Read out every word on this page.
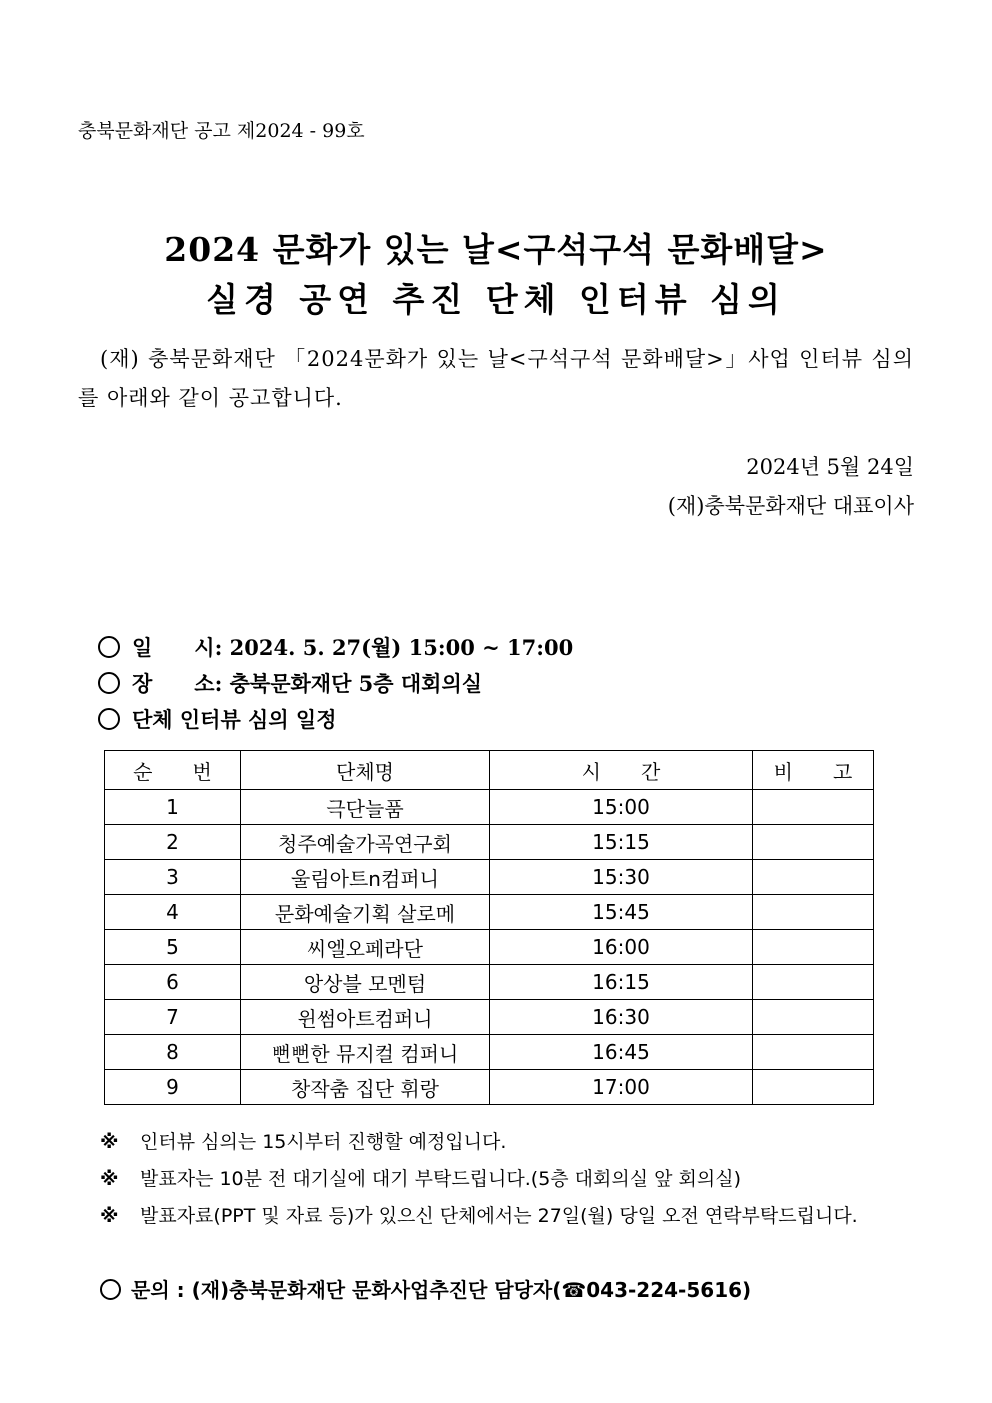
충북문화재단 공고 제2024 - 99호
2024 문화가 있는 날<구석구석 문화배달>
실경 공연 추진 단체 인터뷰 심의
(재) 충북문화재단 「2024문화가 있는 날<구석구석 문화배달>」사업 인터뷰 심의를 아래와 같이 공고합니다.
2024년 5월 24일
(재)충북문화재단 대표이사
일　　시: 2024. 5. 27(월) 15:00 ~ 17:00
장　　소: 충북문화재단 5층 대회의실
단체 인터뷰 심의 일정
순　　번	단체명	시　　간	비　　고
1	극단늘품	15:00	
2	청주예술가곡연구회	15:15	
3	울림아트n컴퍼니	15:30	
4	문화예술기획 살로메	15:45	
5	씨엘오페라단	16:00	
6	앙상블 모멘텀	16:15	
7	윈썸아트컴퍼니	16:30	
8	뻔뻔한 뮤지컬 컴퍼니	16:45	
9	창작춤 집단 휘랑	17:00	
※	인터뷰 심의는 15시부터 진행할 예정입니다.
※	발표자는 10분 전 대기실에 대기 부탁드립니다.(5층 대회의실 앞 회의실)
※	발표자료(PPT 및 자료 등)가 있으신 단체에서는 27일(월) 당일 오전 연락부탁드립니다.
문의 : (재)충북문화재단 문화사업추진단 담당자(☎043-224-5616)
